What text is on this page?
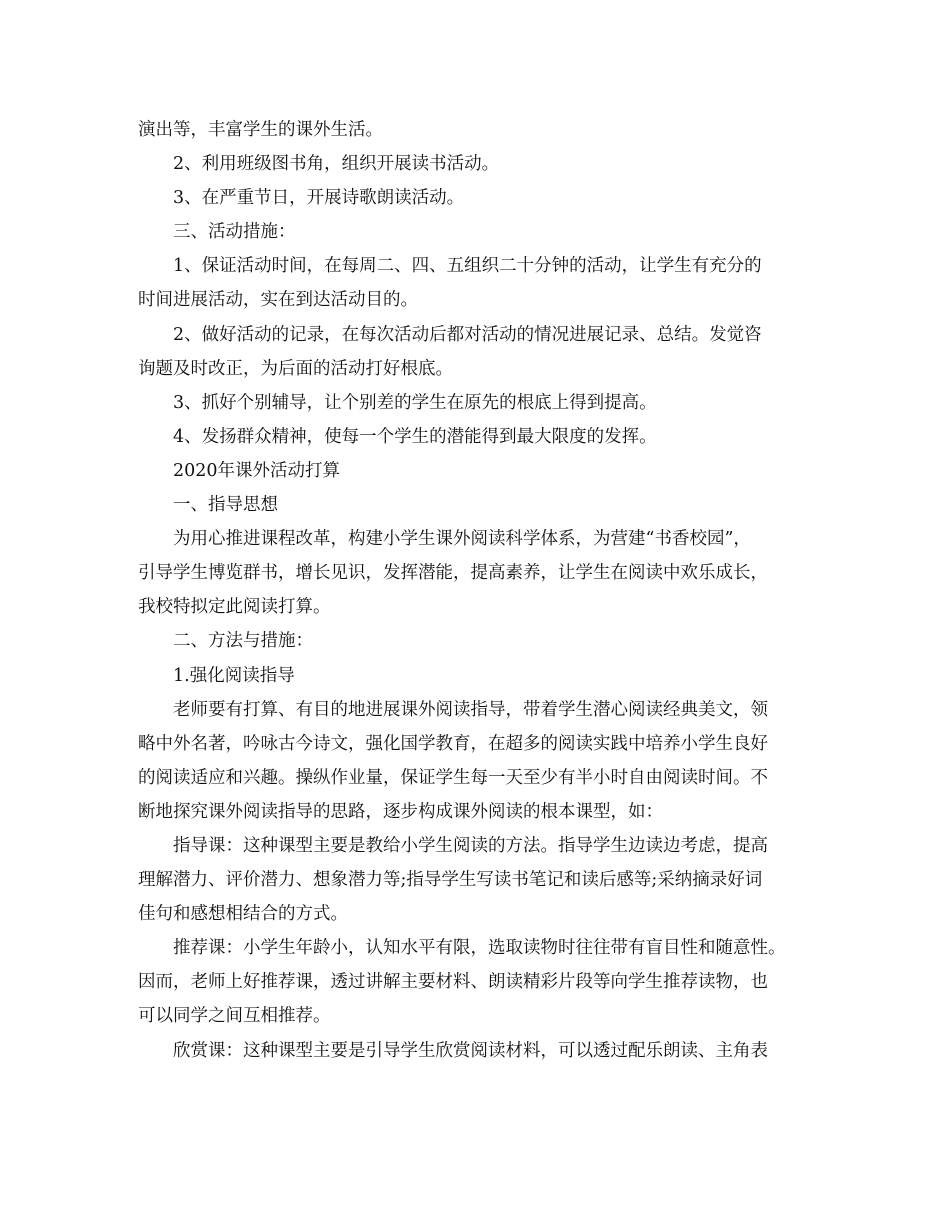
演出等，丰富学生的课外生活。
2、利用班级图书角，组织开展读书活动。
3、在严重节日，开展诗歌朗读活动。
三、活动措施：
1、保证活动时间，在每周二、四、五组织二十分钟的活动，让学生有充分的
时间进展活动，实在到达活动目的。
2、做好活动的记录，在每次活动后都对活动的情况进展记录、总结。发觉咨
询题及时改正，为后面的活动打好根底。
3、抓好个别辅导，让个别差的学生在原先的根底上得到提高。
4、发扬群众精神，使每一个学生的潜能得到最大限度的发挥。
2020年课外活动打算
一、指导思想
为用心推进课程改革，构建小学生课外阅读科学体系，为营建“书香校园”，
引导学生博览群书，增长见识，发挥潜能，提高素养，让学生在阅读中欢乐成长，
我校特拟定此阅读打算。
二、方法与措施：
1.强化阅读指导
老师要有打算、有目的地进展课外阅读指导，带着学生潜心阅读经典美文，领
略中外名著，吟咏古今诗文，强化国学教育，在超多的阅读实践中培养小学生良好
的阅读适应和兴趣。操纵作业量，保证学生每一天至少有半小时自由阅读时间。不
断地探究课外阅读指导的思路，逐步构成课外阅读的根本课型，如：
指导课：这种课型主要是教给小学生阅读的方法。指导学生边读边考虑，提高
理解潜力、评价潜力、想象潜力等;指导学生写读书笔记和读后感等;采纳摘录好词
佳句和感想相结合的方式。
推荐课：小学生年龄小，认知水平有限，选取读物时往往带有盲目性和随意性。
因而，老师上好推荐课，透过讲解主要材料、朗读精彩片段等向学生推荐读物，也
可以同学之间互相推荐。
欣赏课：这种课型主要是引导学生欣赏阅读材料，可以透过配乐朗读、主角表
